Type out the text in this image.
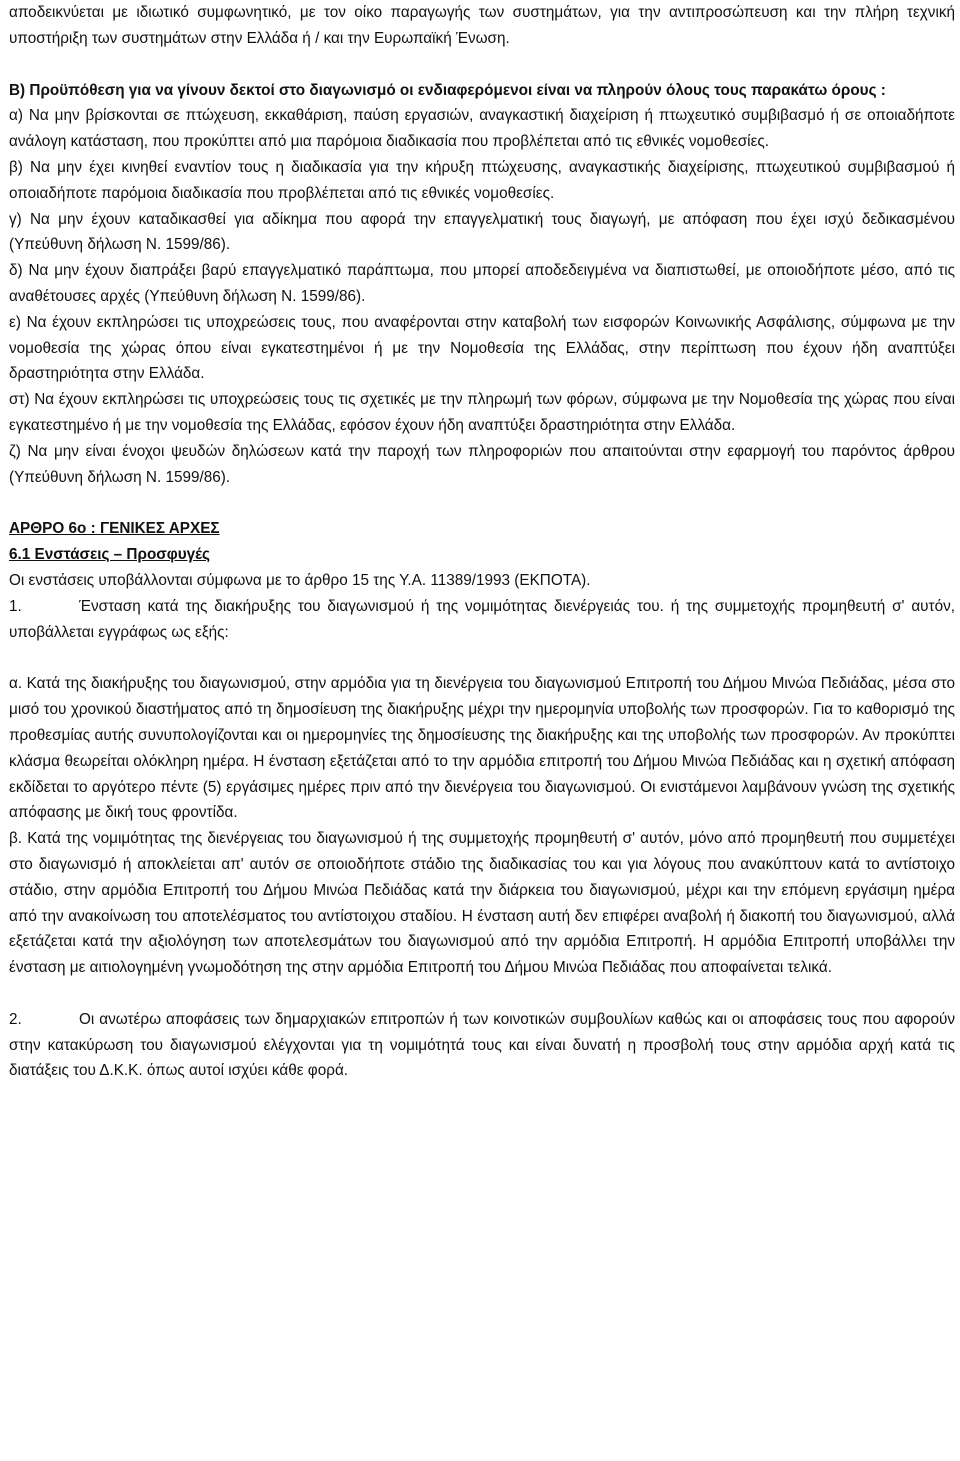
αποδεικνύεται με ιδιωτικό συμφωνητικό, με τον οίκο παραγωγής των συστημάτων, για την αντιπροσώπευση και την πλήρη τεχνική υποστήριξη των συστημάτων στην Ελλάδα ή / και την Ευρωπαϊκή Ένωση.

Β) Προϋπόθεση για να γίνουν δεκτοί στο διαγωνισμό οι ενδιαφερόμενοι είναι να πληρούν όλους τους παρακάτω όρους :

α) Να μην βρίσκονται σε πτώχευση, εκκαθάριση, παύση εργασιών, αναγκαστική διαχείριση ή πτωχευτικό συμβιβασμό ή σε οποιαδήποτε ανάλογη κατάσταση, που προκύπτει από μια παρόμοια διαδικασία που προβλέπεται από τις εθνικές νομοθεσίες.

β) Να μην έχει κινηθεί εναντίον τους η διαδικασία για την κήρυξη πτώχευσης, αναγκαστικής διαχείρισης, πτωχευτικού συμβιβασμού ή οποιαδήποτε παρόμοια διαδικασία που προβλέπεται από τις εθνικές νομοθεσίες.

γ) Να μην έχουν καταδικασθεί για αδίκημα που αφορά την επαγγελματική τους διαγωγή, με απόφαση που έχει ισχύ δεδικασμένου (Υπεύθυνη δήλωση Ν. 1599/86).

δ) Να μην έχουν διαπράξει βαρύ επαγγελματικό παράπτωμα, που μπορεί αποδεδειγμένα να διαπιστωθεί, με οποιοδήποτε μέσο, από τις αναθέτουσες αρχές (Υπεύθυνη δήλωση Ν. 1599/86).

ε) Να έχουν εκπληρώσει τις υποχρεώσεις τους, που αναφέρονται στην καταβολή των εισφορών Κοινωνικής Ασφάλισης, σύμφωνα με την νομοθεσία της χώρας όπου είναι εγκατεστημένοι ή με την Νομοθεσία της Ελλάδας, στην περίπτωση που έχουν ήδη αναπτύξει δραστηριότητα στην Ελλάδα.

στ) Να έχουν εκπληρώσει τις υποχρεώσεις τους τις σχετικές με την πληρωμή των φόρων, σύμφωνα με την Νομοθεσία της χώρας που είναι εγκατεστημένο ή με την νομοθεσία της Ελλάδας, εφόσον έχουν ήδη αναπτύξει δραστηριότητα στην Ελλάδα.

ζ) Να μην είναι ένοχοι ψευδών δηλώσεων κατά την παροχή των πληροφοριών που απαιτούνται στην εφαρμογή του παρόντος άρθρου (Υπεύθυνη δήλωση Ν. 1599/86).

ΑΡΘΡΟ 6ο : ΓΕΝΙΚΕΣ ΑΡΧΕΣ

6.1 Ενστάσεις – Προσφυγές

Οι ενστάσεις υποβάλλονται σύμφωνα με το άρθρο 15 της Υ.Α. 11389/1993 (ΕΚΠΟΤΑ).

1.	Ένσταση κατά της διακήρυξης του διαγωνισμού ή της νομιμότητας διενέργειάς του. ή της συμμετοχής προμηθευτή σ' αυτόν, υποβάλλεται εγγράφως ως εξής:

α. Κατά της διακήρυξης του διαγωνισμού, στην αρμόδια για τη διενέργεια του διαγωνισμού Επιτροπή του Δήμου Μινώα Πεδιάδας, μέσα στο μισό του χρονικού διαστήματος από τη δημοσίευση της διακήρυξης μέχρι την ημερομηνία υποβολής των προσφορών. Για το καθορισμό της προθεσμίας αυτής συνυπολογίζονται και οι ημερομηνίες της δημοσίευσης της διακήρυξης και της υποβολής των προσφορών. Αν προκύπτει κλάσμα θεωρείται ολόκληρη ημέρα. Η ένσταση εξετάζεται από το την αρμόδια επιτροπή του Δήμου Μινώα Πεδιάδας και η σχετική απόφαση εκδίδεται το αργότερο πέντε (5) εργάσιμες ημέρες πριν από την διενέργεια του διαγωνισμού. Οι ενιστάμενοι λαμβάνουν γνώση της σχετικής απόφασης με δική τους φροντίδα.

β. Κατά της νομιμότητας της διενέργειας του διαγωνισμού ή της συμμετοχής προμηθευτή σ' αυτόν, μόνο από προμηθευτή που συμμετέχει στο διαγωνισμό ή αποκλείεται απ' αυτόν σε οποιοδήποτε στάδιο της διαδικασίας του και για λόγους που ανακύπτουν κατά το αντίστοιχο στάδιο, στην αρμόδια Επιτροπή του Δήμου Μινώα Πεδιάδας κατά την διάρκεια του διαγωνισμού, μέχρι και την επόμενη εργάσιμη ημέρα από την ανακοίνωση του αποτελέσματος του αντίστοιχου σταδίου. Η ένσταση αυτή δεν επιφέρει αναβολή ή διακοπή του διαγωνισμού, αλλά εξετάζεται κατά την αξιολόγηση των αποτελεσμάτων του διαγωνισμού από την αρμόδια Επιτροπή. Η αρμόδια Επιτροπή υποβάλλει την ένσταση με αιτιολογημένη γνωμοδότηση της στην αρμόδια Επιτροπή του Δήμου Μινώα Πεδιάδας που αποφαίνεται τελικά.

2.	Οι ανωτέρω αποφάσεις των δημαρχιακών επιτροπών ή των κοινοτικών συμβουλίων καθώς και οι αποφάσεις τους που αφορούν στην κατακύρωση του διαγωνισμού ελέγχονται για τη νομιμότητά τους και είναι δυνατή η προσβολή τους στην αρμόδια αρχή κατά τις διατάξεις του Δ.Κ.Κ. όπως αυτοί ισχύει κάθε φορά.
